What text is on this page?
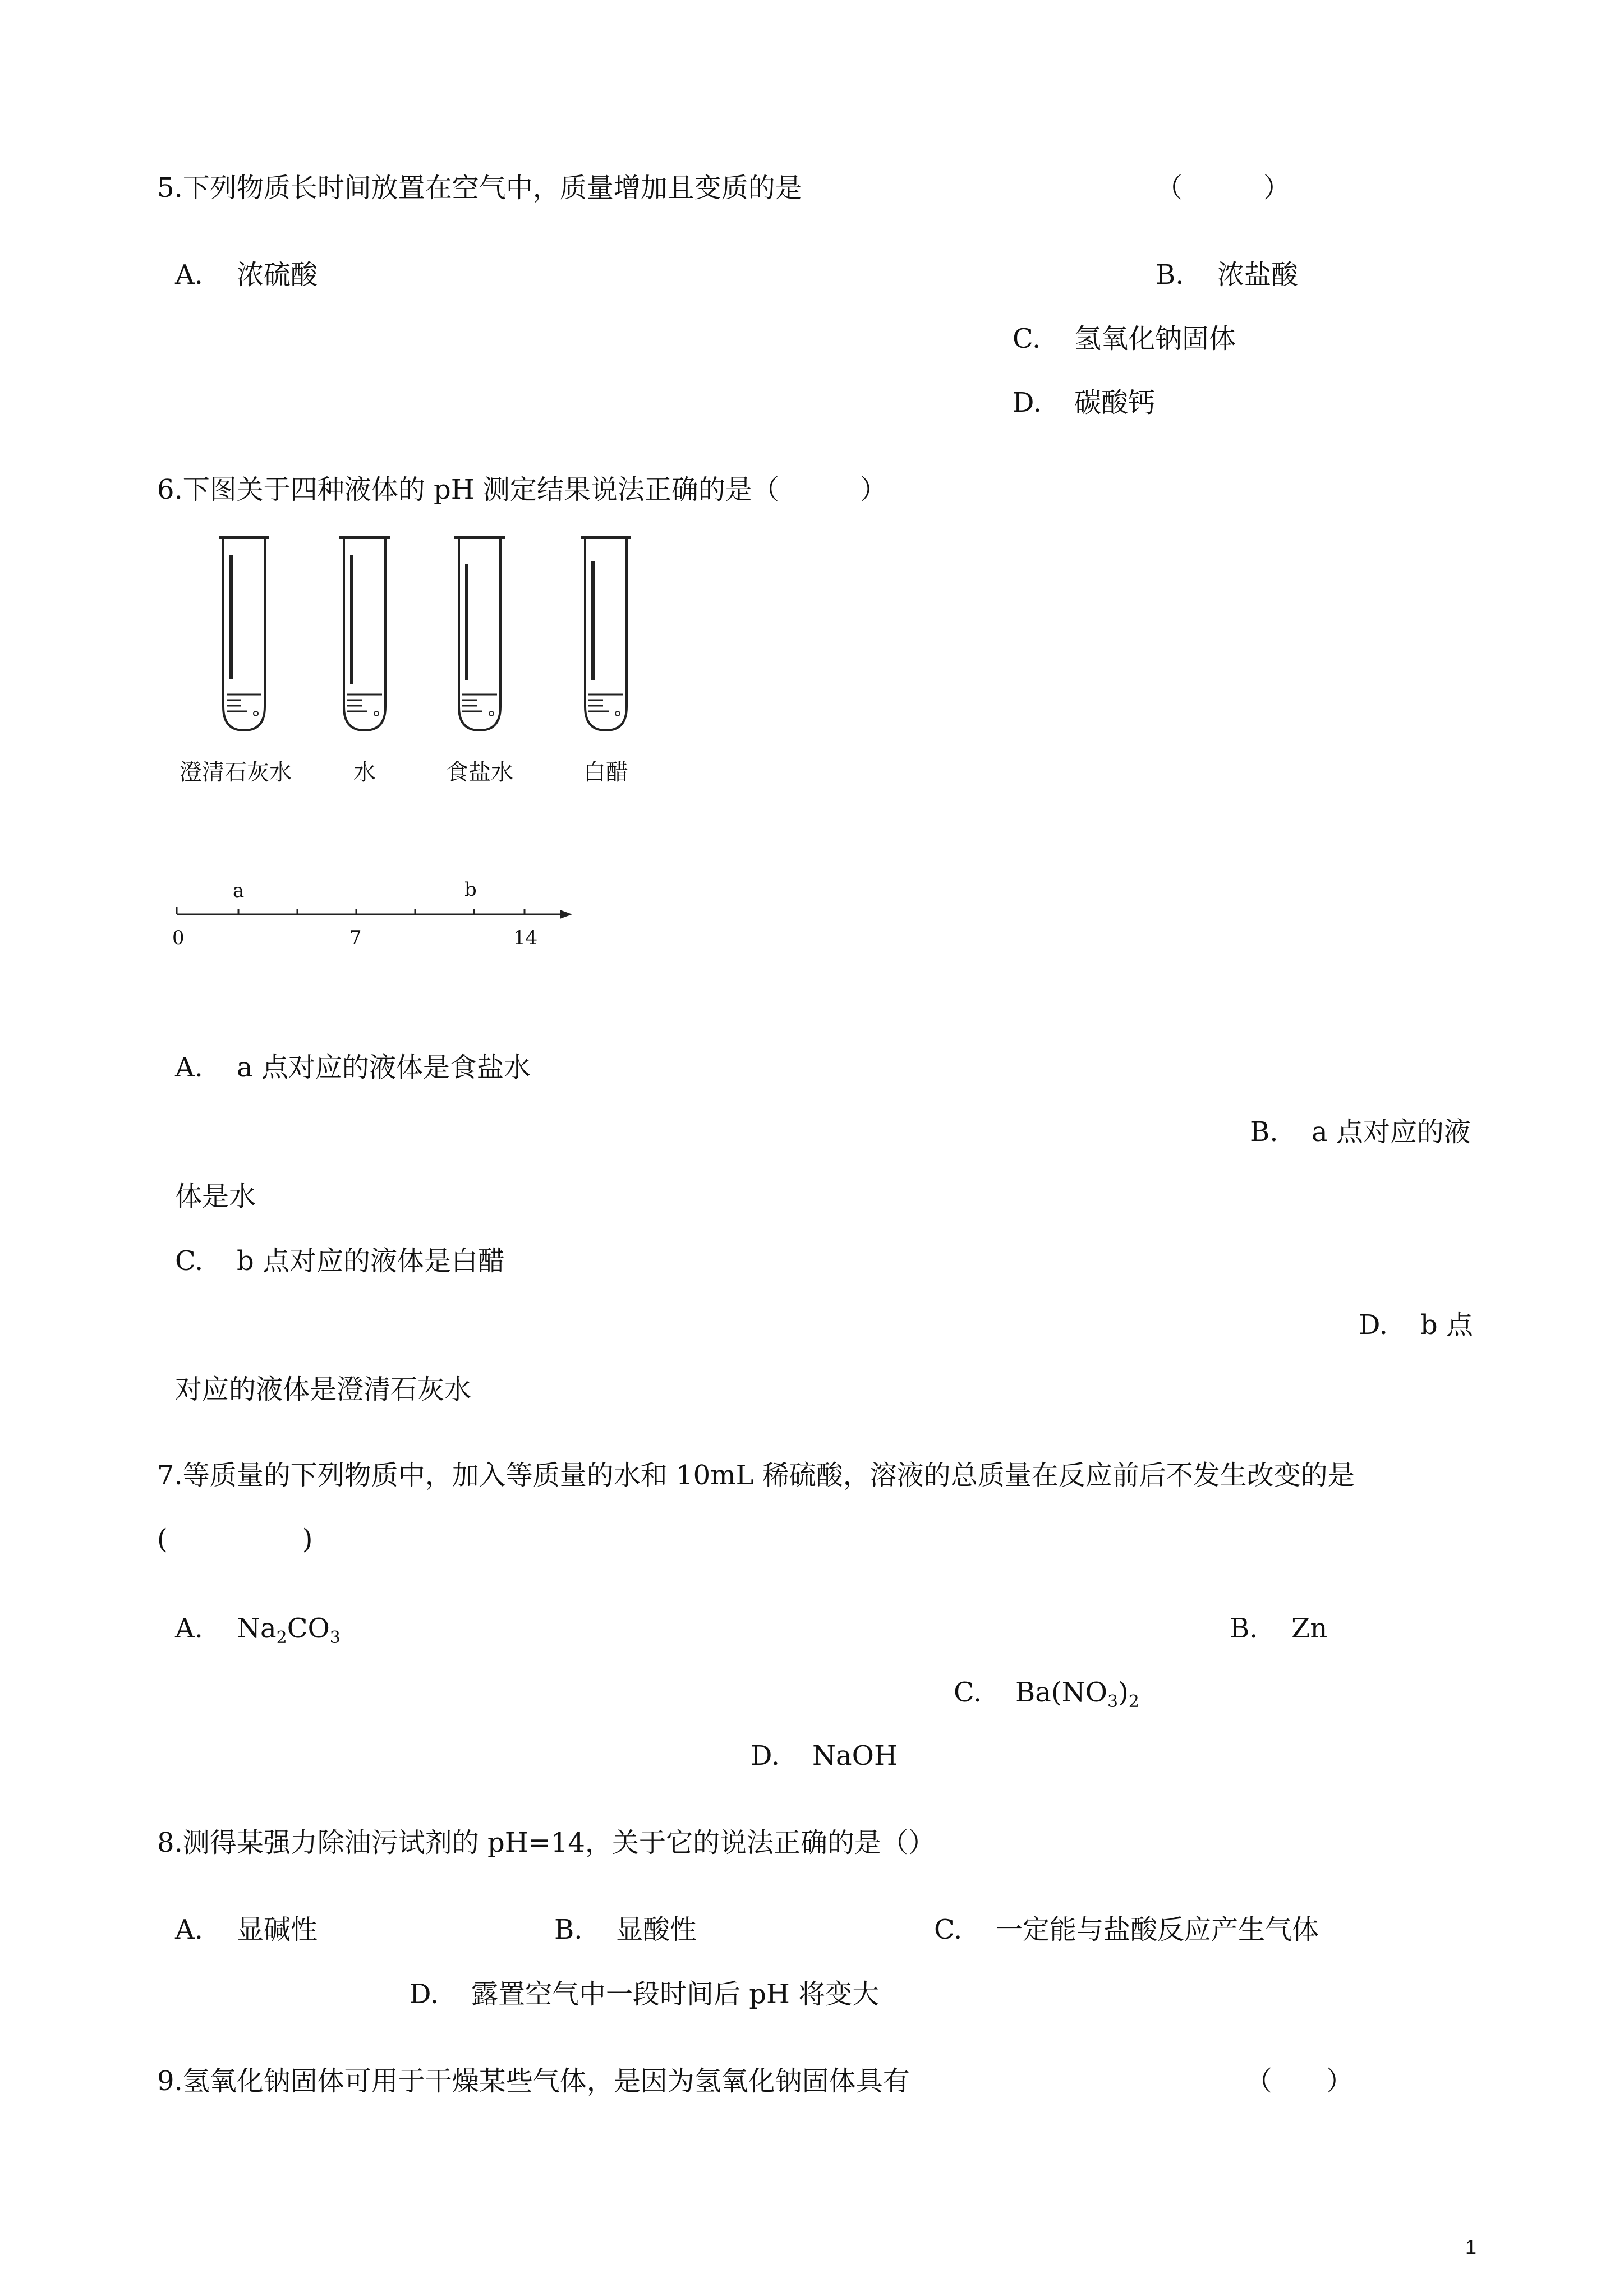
5.下列物质长时间放置在空气中，质量增加且变质的是	（　　　）
A. 浓硫酸	B. 浓盐酸
C. 氢氧化钠固体
D. 碳酸钙
6.下图关于四种液体的 pH 测定结果说法正确的是（　　　）
澄清石灰水	水	食盐水	白醋
a	b
0	7	14
A. a 点对应的液体是食盐水
B. a 点对应的液
体是水
C. b 点对应的液体是白醋
D. b 点
对应的液体是澄清石灰水
7.等质量的下列物质中，加入等质量的水和 10mL 稀硫酸，溶液的总质量在反应前后不发生改变的是
(　　　　　)
A. $Na_2CO_3$	B. Zn
C. $Ba(NO_3)_2$
D. NaOH
8.测得某强力除油污试剂的 pH=14，关于它的说法正确的是（）
A. 显碱性	B. 显酸性	C. 一定能与盐酸反应产生气体
D. 露置空气中一段时间后 pH 将变大
9.氢氧化钠固体可用于干燥某些气体，是因为氢氧化钠固体具有	（　　）
1
